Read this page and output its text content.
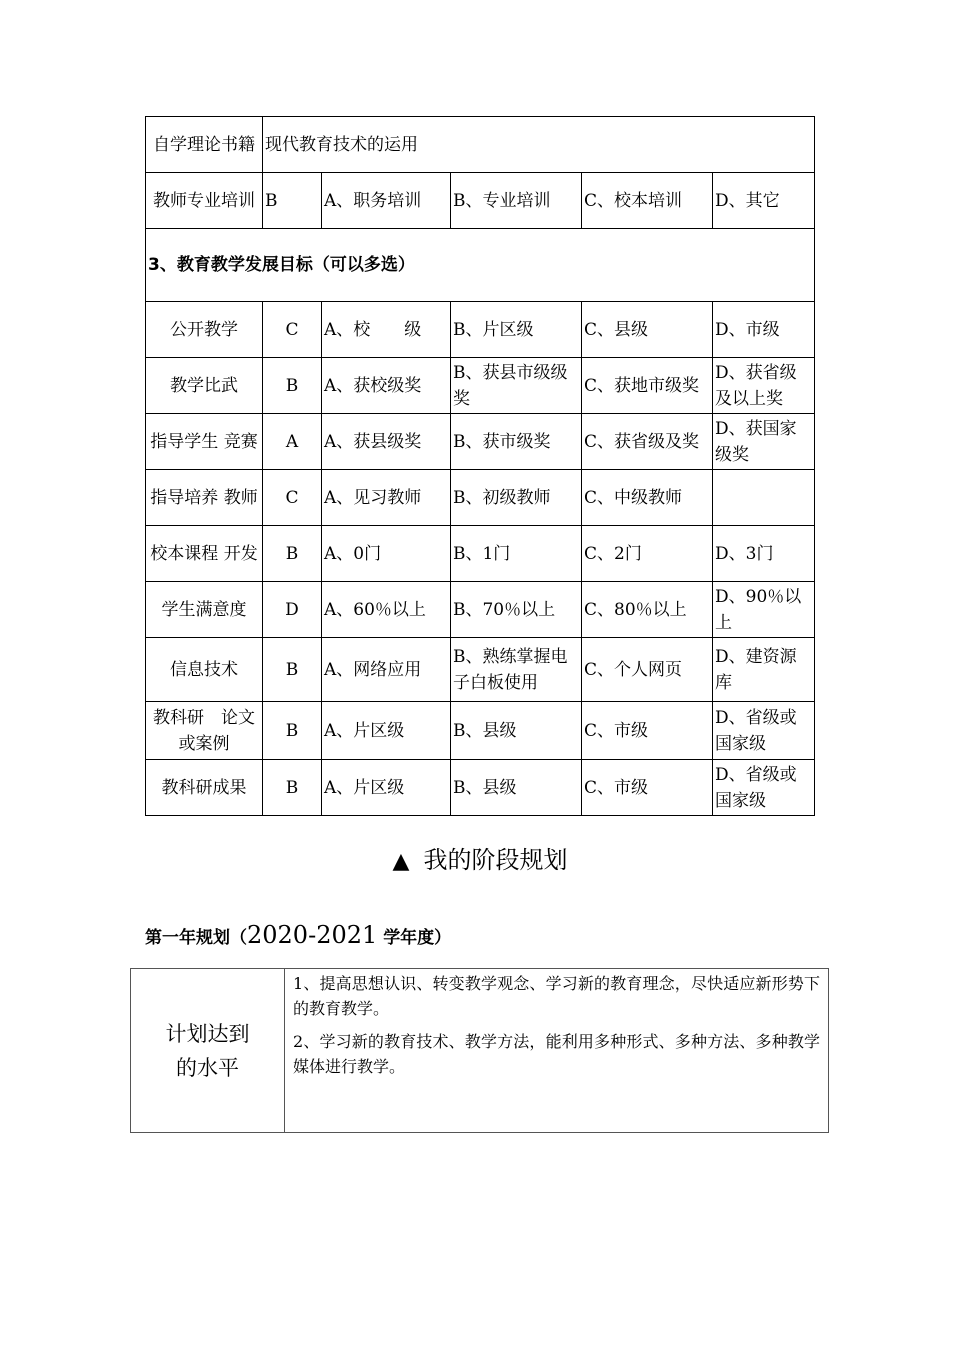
自学理论书籍	现代教育技术的运用				
教师专业培训	B	A、职务培训	B、专业培训	C、校本培训	D、其它
3、教育教学发展目标（可以多选）					
公开教学	C	A、校　　级	B、片区级	C、县级	D、市级
教学比武	B	A、获校级奖	B、获县市级级奖	C、获地市级奖	D、获省级及以上奖
指导学生 竞赛	A	A、获县级奖	B、获市级奖	C、获省级及奖	D、获国家级奖
指导培养 教师	C	A、见习教师	B、初级教师	C、中级教师	
校本课程 开发	B	A、0门	B、1门	C、2门	D、3门
学生满意度	D	A、60％以上	B、70％以上	C、80％以上	D、90％以上
信息技术	B	A、网络应用	B、熟练掌握电子白板使用	C、个人网页	D、建资源库
教科研　论文或案例	B	A、片区级	B、县级	C、市级	D、省级或国家级
教科研成果	B	A、片区级	B、县级	C、市级	D、省级或国家级
▲ 我的阶段规划
第一年规划（2020-2021 学年度）
计划达到的水平

1、提高思想认识、转变教学观念、学习新的教育理念，尽快适应新形势下的教育教学。

2、学习新的教育技术、教学方法，能利用多种形式、多种方法、多种教学媒体进行教学。
